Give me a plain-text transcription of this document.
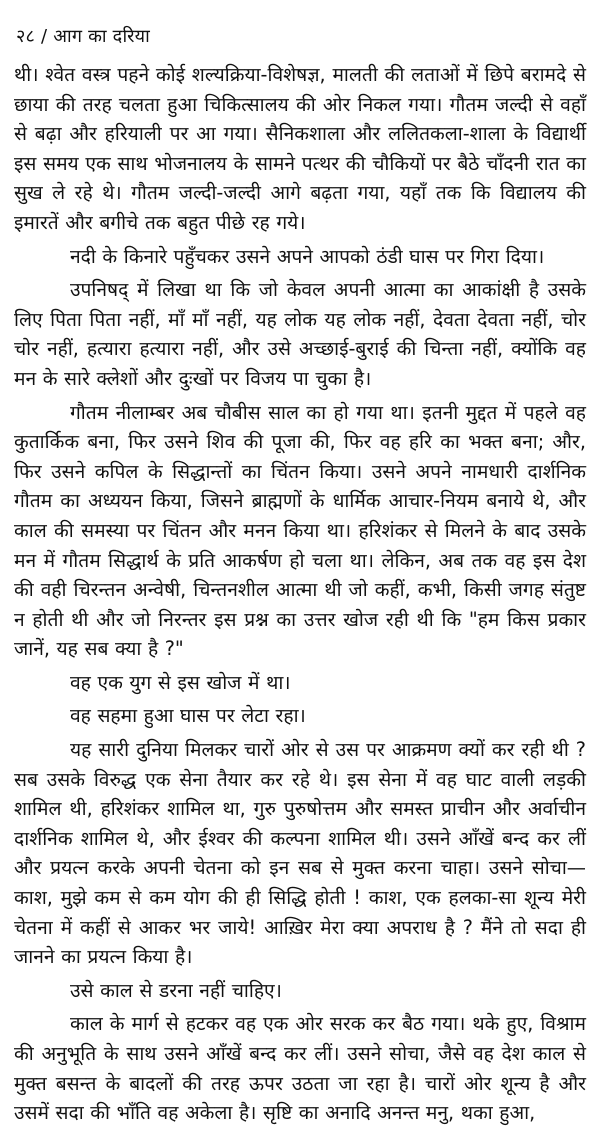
२८ / आग का दरिया

थी। श्वेत वस्त्र पहने कोई शल्यक्रिया-विशेषज्ञ, मालती की लताओं में छिपे बरामदे से छाया की तरह चलता हुआ चिकित्सालय की ओर निकल गया। गौतम जल्दी से वहाँ से बढ़ा और हरियाली पर आ गया। सैनिकशाला और ललितकला-शाला के विद्यार्थी इस समय एक साथ भोजनालय के सामने पत्थर की चौकियों पर बैठे चाँदनी रात का सुख ले रहे थे। गौतम जल्दी-जल्दी आगे बढ़ता गया, यहाँ तक कि विद्यालय की इमारतें और बगीचे तक बहुत पीछे रह गये।

नदी के किनारे पहुँचकर उसने अपने आपको ठंडी घास पर गिरा दिया।

उपनिषद् में लिखा था कि जो केवल अपनी आत्मा का आकांक्षी है उसके लिए पिता पिता नहीं, माँ माँ नहीं, यह लोक यह लोक नहीं, देवता देवता नहीं, चोर चोर नहीं, हत्यारा हत्यारा नहीं, और उसे अच्छाई-बुराई की चिन्ता नहीं, क्योंकि वह मन के सारे क्लेशों और दुःखों पर विजय पा चुका है।

गौतम नीलाम्बर अब चौबीस साल का हो गया था। इतनी मुद्दत में पहले वह कुतार्किक बना, फिर उसने शिव की पूजा की, फिर वह हरि का भक्त बना; और, फिर उसने कपिल के सिद्धान्तों का चिंतन किया। उसने अपने नामधारी दार्शनिक गौतम का अध्ययन किया, जिसने ब्राह्मणों के धार्मिक आचार-नियम बनाये थे, और काल की समस्या पर चिंतन और मनन किया था। हरिशंकर से मिलने के बाद उसके मन में गौतम सिद्धार्थ के प्रति आकर्षण हो चला था। लेकिन, अब तक वह इस देश की वही चिरन्तन अन्वेषी, चिन्तनशील आत्मा थी जो कहीं, कभी, किसी जगह संतुष्ट न होती थी और जो निरन्तर इस प्रश्न का उत्तर खोज रही थी कि "हम किस प्रकार जानें, यह सब क्या है ?"

वह एक युग से इस खोज में था।

वह सहमा हुआ घास पर लेटा रहा।

यह सारी दुनिया मिलकर चारों ओर से उस पर आक्रमण क्यों कर रही थी ? सब उसके विरुद्ध एक सेना तैयार कर रहे थे। इस सेना में वह घाट वाली लड़की शामिल थी, हरिशंकर शामिल था, गुरु पुरुषोत्तम और समस्त प्राचीन और अर्वाचीन दार्शनिक शामिल थे, और ईश्वर की कल्पना शामिल थी। उसने आँखें बन्द कर लीं और प्रयत्न करके अपनी चेतना को इन सब से मुक्त करना चाहा। उसने सोचा— काश, मुझे कम से कम योग की ही सिद्धि होती ! काश, एक हलका-सा शून्य मेरी चेतना में कहीं से आकर भर जाये! आख़िर मेरा क्या अपराध है ? मैंने तो सदा ही जानने का प्रयत्न किया है।

उसे काल से डरना नहीं चाहिए।

काल के मार्ग से हटकर वह एक ओर सरक कर बैठ गया। थके हुए, विश्राम की अनुभूति के साथ उसने आँखें बन्द कर लीं। उसने सोचा, जैसे वह देश काल से मुक्त बसन्त के बादलों की तरह ऊपर उठता जा रहा है। चारों ओर शून्य है और उसमें सदा की भाँति वह अकेला है। सृष्टि का अनादि अनन्त मनु, थका हुआ,
